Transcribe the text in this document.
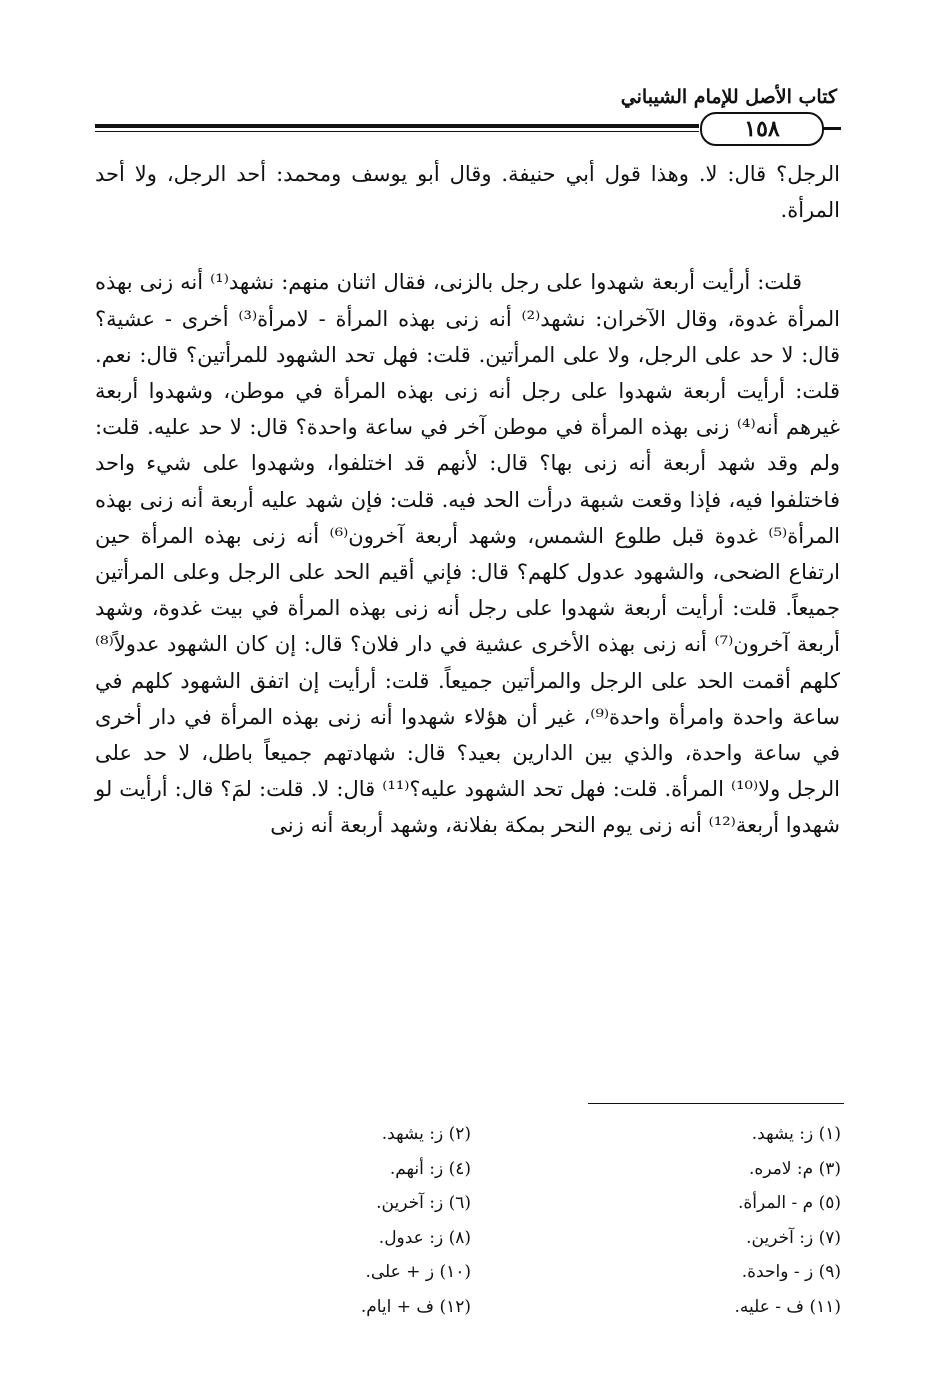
كتاب الأصل للإمام الشيباني
١٥٨

الرجل؟ قال: لا. وهذا قول أبي حنيفة. وقال أبو يوسف ومحمد: أحد الرجل، ولا أحد المرأة.

قلت: أرأيت أربعة شهدوا على رجل بالزنى، فقال اثنان منهم: نشهد⁽¹⁾ أنه زنى بهذه المرأة غدوة، وقال الآخران: نشهد⁽²⁾ أنه زنى بهذه المرأة - لامرأة⁽³⁾ أخرى - عشية؟ قال: لا حد على الرجل، ولا على المرأتين. قلت: فهل تحد الشهود للمرأتين؟ قال: نعم. قلت: أرأيت أربعة شهدوا على رجل أنه زنى بهذه المرأة في موطن، وشهدوا أربعة غيرهم أنه⁽⁴⁾ زنى بهذه المرأة في موطن آخر في ساعة واحدة؟ قال: لا حد عليه. قلت: ولم وقد شهد أربعة أنه زنى بها؟ قال: لأنهم قد اختلفوا، وشهدوا على شيء واحد فاختلفوا فيه، فإذا وقعت شبهة درأت الحد فيه. قلت: فإن شهد عليه أربعة أنه زنى بهذه المرأة⁽⁵⁾ غدوة قبل طلوع الشمس، وشهد أربعة آخرون⁽⁶⁾ أنه زنى بهذه المرأة حين ارتفاع الضحى، والشهود عدول كلهم؟ قال: فإني أقيم الحد على الرجل وعلى المرأتين جميعاً. قلت: أرأيت أربعة شهدوا على رجل أنه زنى بهذه المرأة في بيت غدوة، وشهد أربعة آخرون⁽⁷⁾ أنه زنى بهذه الأخرى عشية في دار فلان؟ قال: إن كان الشهود عدولاً⁽⁸⁾ كلهم أقمت الحد على الرجل والمرأتين جميعاً. قلت: أرأيت إن اتفق الشهود كلهم في ساعة واحدة وامرأة واحدة⁽⁹⁾، غير أن هؤلاء شهدوا أنه زنى بهذه المرأة في دار أخرى في ساعة واحدة، والذي بين الدارين بعيد؟ قال: شهادتهم جميعاً باطل، لا حد على الرجل ولا⁽¹⁰⁾ المرأة. قلت: فهل تحد الشهود عليه؟⁽¹¹⁾ قال: لا. قلت: لمَ؟ قال: أرأيت لو شهدوا أربعة⁽¹²⁾ أنه زنى يوم النحر بمكة بفلانة، وشهد أربعة أنه زنى

(١) ز: يشهد.
(٢) ز: يشهد.
(٣) م: لامره.
(٤) ز: أنهم.
(٥) م - المرأة.
(٦) ز: آخرين.
(٧) ز: آخرين.
(٨) ز: عدول.
(٩) ز - واحدة.
(١٠) ز + على.
(١١) ف - عليه.
(١٢) ف + ايام.
